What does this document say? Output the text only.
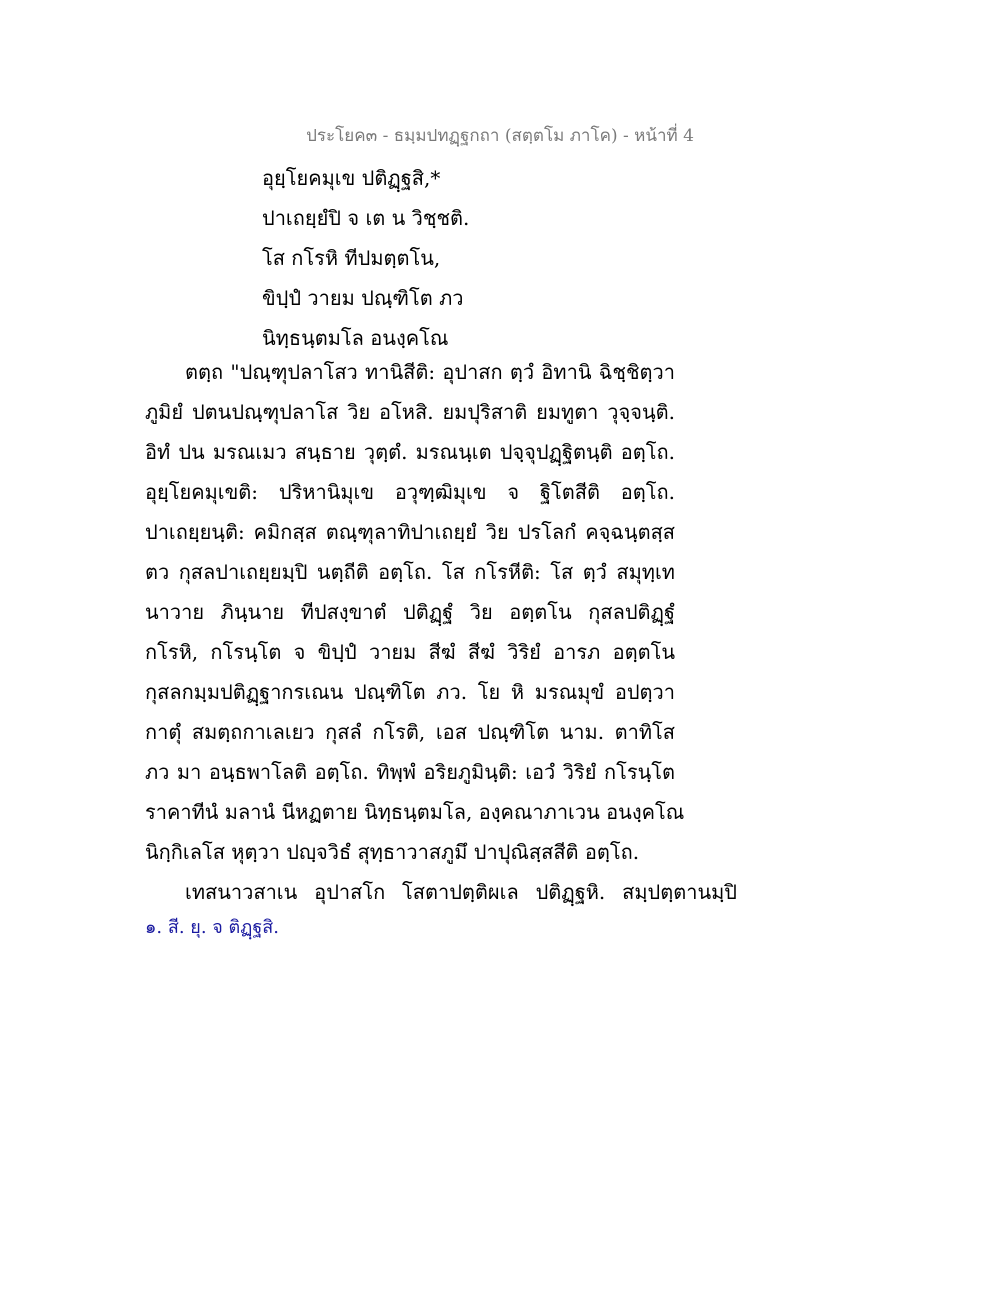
ประโยค๓ - ธมฺมปทฏฺฐกถา (สตฺตโม ภาโค) - หน้าที่ 4
อุยฺโยคมุเข ปติฏฺฐสิ,*
ปาเถยฺยํปิ จ เต น วิชฺชติ.
โส กโรหิ ทีปมตฺตโน,
ขิปฺปํ วายม ปณฺฑิโต ภว
นิทฺธนฺตมโล อนงฺคโณ
ตตฺถ "ปณฺฑุปลาโสว ทานิสีติ: อุปาสก ตฺวํ อิทานิ ฉิชฺชิตฺวา
ภูมิยํ ปตนปณฺฑุปลาโส วิย อโหสิ. ยมปุริสาติ ยมทูตา วุจฺจนฺติ.
อิทํ ปน มรณเมว สนฺธาย วุตฺตํ. มรณนฺเต ปจฺจุปฏฺฐิตนฺติ อตฺโถ.
อุยฺโยคมุเขติ: ปริหานิมุเข อวุฑฺฒิมุเข จ ฐิโตสีติ อตฺโถ.
ปาเถยฺยนฺติ: คมิกสฺส ตณฺฑุลาทิปาเถยฺยํ วิย ปรโลกํ คจฺฉนฺตสฺส
ตว กุสลปาเถยฺยมฺปิ นตฺถีติ อตฺโถ. โส กโรหีติ: โส ตฺวํ สมุทฺเท
นาวาย ภินฺนาย ทีปสงฺขาตํ ปติฏฺฐํ วิย อตฺตโน กุสลปติฏฺฐํ
กโรหิ, กโรนฺโต จ ขิปฺปํ วายม สีฆํ สีฆํ วิริยํ อารภ อตฺตโน
กุสลกมฺมปติฏฺฐากรเณน ปณฺฑิโต ภว. โย หิ มรณมุขํ อปตฺวา
กาตุํ สมตฺถกาเลเยว กุสลํ กโรติ, เอส ปณฺฑิโต นาม. ตาทิโส
ภว มา อนฺธพาโลติ อตฺโถ. ทิพฺพํ อริยภูมินฺติ: เอวํ วิริยํ กโรนฺโต
ราคาทีนํ มลานํ นีหฏตาย นิทฺธนฺตมโล, องฺคณาภาเวน อนงฺคโณ
นิกฺกิเลโส หุตฺวา ปญฺจวิธํ สุทฺธาวาสภูมึ ปาปุณิสฺสสีติ อตฺโถ.
เทสนาวสาเน อุปาสโก โสตาปตฺติผเล ปติฏฺฐหิ. สมฺปตฺตานมฺปิ
๑. สี. ยุ. จ ติฏฺฐสิ.
